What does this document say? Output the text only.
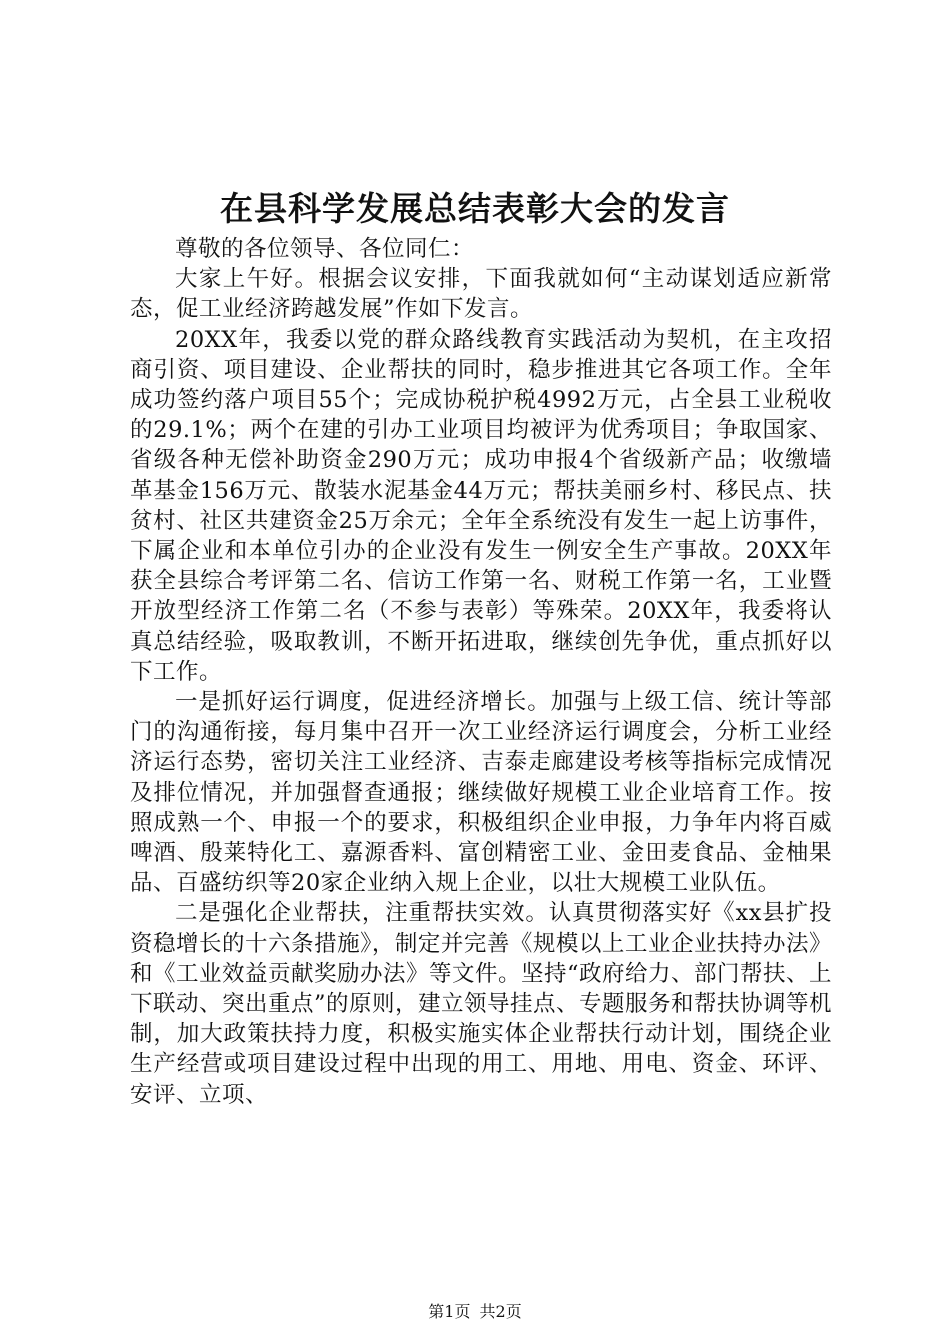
在县科学发展总结表彰大会的发言

尊敬的各位领导、各位同仁：

大家上午好。根据会议安排，下面我就如何“主动谋划适应新常态，促工业经济跨越发展”作如下发言。

20XX年，我委以党的群众路线教育实践活动为契机，在主攻招商引资、项目建设、企业帮扶的同时，稳步推进其它各项工作。全年成功签约落户项目55个；完成协税护税4992万元，占全县工业税收的29.1%；两个在建的引办工业项目均被评为优秀项目；争取国家、省级各种无偿补助资金290万元；成功申报4个省级新产品；收缴墙革基金156万元、散装水泥基金44万元；帮扶美丽乡村、移民点、扶贫村、社区共建资金25万余元；全年全系统没有发生一起上访事件，下属企业和本单位引办的企业没有发生一例安全生产事故。20XX年获全县综合考评第二名、信访工作第一名、财税工作第一名，工业暨开放型经济工作第二名（不参与表彰）等殊荣。20XX年，我委将认真总结经验，吸取教训，不断开拓进取，继续创先争优，重点抓好以下工作。

一是抓好运行调度，促进经济增长。加强与上级工信、统计等部门的沟通衔接，每月集中召开一次工业经济运行调度会，分析工业经济运行态势，密切关注工业经济、吉泰走廊建设考核等指标完成情况及排位情况，并加强督查通报；继续做好规模工业企业培育工作。按照成熟一个、申报一个的要求，积极组织企业申报，力争年内将百威啤酒、殷莱特化工、嘉源香料、富创精密工业、金田麦食品、金柚果品、百盛纺织等20家企业纳入规上企业，以壮大规模工业队伍。

二是强化企业帮扶，注重帮扶实效。认真贯彻落实好《xx县扩投资稳增长的十六条措施》，制定并完善《规模以上工业企业扶持办法》和《工业效益贡献奖励办法》等文件。坚持“政府给力、部门帮扶、上下联动、突出重点”的原则，建立领导挂点、专题服务和帮扶协调等机制，加大政策扶持力度，积极实施实体企业帮扶行动计划，围绕企业生产经营或项目建设过程中出现的用工、用地、用电、资金、环评、安评、立项、

第1页 共2页
